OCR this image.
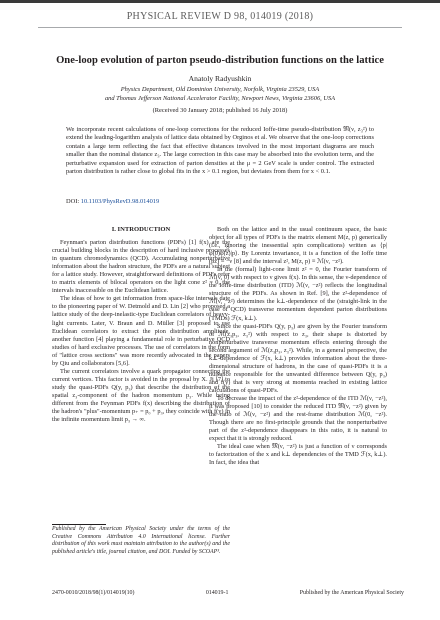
PHYSICAL REVIEW D 98, 014019 (2018)
One-loop evolution of parton pseudo-distribution functions on the lattice
Anatoly Radyushkin
Physics Department, Old Dominion University, Norfolk, Virginia 23529, USA
and Thomas Jefferson National Accelerator Facility, Newport News, Virginia 23606, USA
(Received 30 January 2018; published 16 July 2018)
We incorporate recent calculations of one-loop corrections for the reduced Ioffe-time pseudo-distribution 𝔐(ν, z₃²) to extend the leading-logarithm analysis of lattice data obtained by Orginos et al. We observe that the one-loop corrections contain a large term reflecting the fact that effective distances involved in the most important diagrams are much smaller than the nominal distance z₃. The large correction in this case may be absorbed into the evolution term, and the perturbative expansion used for extraction of parton densities at the μ = 2 GeV scale is under control. The extracted parton distribution is rather close to global fits in the x > 0.1 region, but deviates from them for x < 0.1.
DOI: 10.1103/PhysRevD.98.014019
I. INTRODUCTION

Feynman's parton distribution functions (PDFs) [1] f(x) are the crucial building blocks in the description of hard inclusive processes in quantum chromodynamics (QCD). Accumulating nonperturbative information about the hadron structure, the PDFs are a natural subject for a lattice study. However, straightforward definitions of PDFs refer to matrix elements of bilocal operators on the light cone z² = 0, the intervals inaccessible on the Euclidean lattice.

The ideas of how to get information from space-like intervals date to the pioneering paper of W. Detmold and D. Lin [2] who proposed a lattice study of the deep-inelastic-type Euclidean correlators of heavy-light currents. Later, V. Braun and D. Müller [3] proposed to use Euclidean correlators to extract the pion distribution amplitude, another function [4] playing a fundamental role in perturbative QCD studies of hard exclusive processes. The use of correlators in the form of "lattice cross sections" was more recently advocated in the papers by Qiu and collaborators [5,6].

The current correlators involve a quark propagator connecting the current vertices. This factor is avoided in the proposal by X. Ji [7] to study the quasi-PDFs Q(y, p₃) that describe the distribution of the spatial z₃-component of the hadron momentum p₃. While being different from the Feynman PDFs f(x) describing the distribution of the hadron's "plus"-momentum p₊ = p₀ + p₃, they coincide with f(y) in the infinite momentum limit p₃ → ∞.

Both on the lattice and in the usual continuum space, the basic object for all types of PDFs is the matrix element M(z, p) generically (i.e., ignoring the inessential spin complications) written as ⟨p|φ(0)φ(z)|p⟩. By Lorentz invariance, it is a function of the Ioffe time (pz) ≡ −ν [8] and the interval z², M(z, p) ≡ ℳ(ν, −z²).

In the (formal) light-cone limit z² = 0, the Fourier transform of ℳ(ν, 0) with respect to ν gives f(x). In this sense, the ν-dependence of the Ioffe-time distribution (ITD) ℳ(ν, −z²) reflects the longitudinal structure of the PDFs. As shown in Ref. [9], the z²-dependence of ℳ(ν, −z²) determines the k⊥-dependence of the (straight-link in the case of QCD) transverse momentum dependent parton distributions (TMDs) ℱ(x, k⊥).

Since the quasi-PDFs Q(y, p₃) are given by the Fourier transform of ℳ(z₃p₃, z₃²) with respect to z₃, their shape is distorted by nonperturbative transverse momentum effects entering through the second argument of ℳ(z₃p₃, z₃²). While, in a general perspective, the k⊥-dependence of ℱ(x, k⊥) provides information about the three-dimensional structure of hadrons, in the case of quasi-PDFs it is a nuisance responsible for the unwanted difference between Q(y, p₃) and f(y) that is very strong at momenta reached in existing lattice calculations of quasi-PDFs.

To decrease the impact of the z²-dependence of the ITD ℳ(ν, −z²), it was proposed [10] to consider the reduced ITD 𝔐(ν, −z²) given by the ratio of ℳ(ν, −z²) and the rest-frame distribution ℳ(0, −z²). Though there are no first-principle grounds that the nonperturbative part of the z²-dependence disappears in this ratio, it is natural to expect that it is strongly reduced.

The ideal case when 𝔐(ν, −z²) is just a function of ν corresponds to factorization of the x and k⊥ dependencies of the TMD ℱ(x, k⊥). In fact, the idea that

Published by the American Physical Society under the terms of the Creative Commons Attribution 4.0 International license. Further distribution of this work must maintain attribution to the author(s) and the published article's title, journal citation, and DOI. Funded by SCOAP³.
2470-0010/2018/98(1)/014019(10)	014019-1	Published by the American Physical Society
